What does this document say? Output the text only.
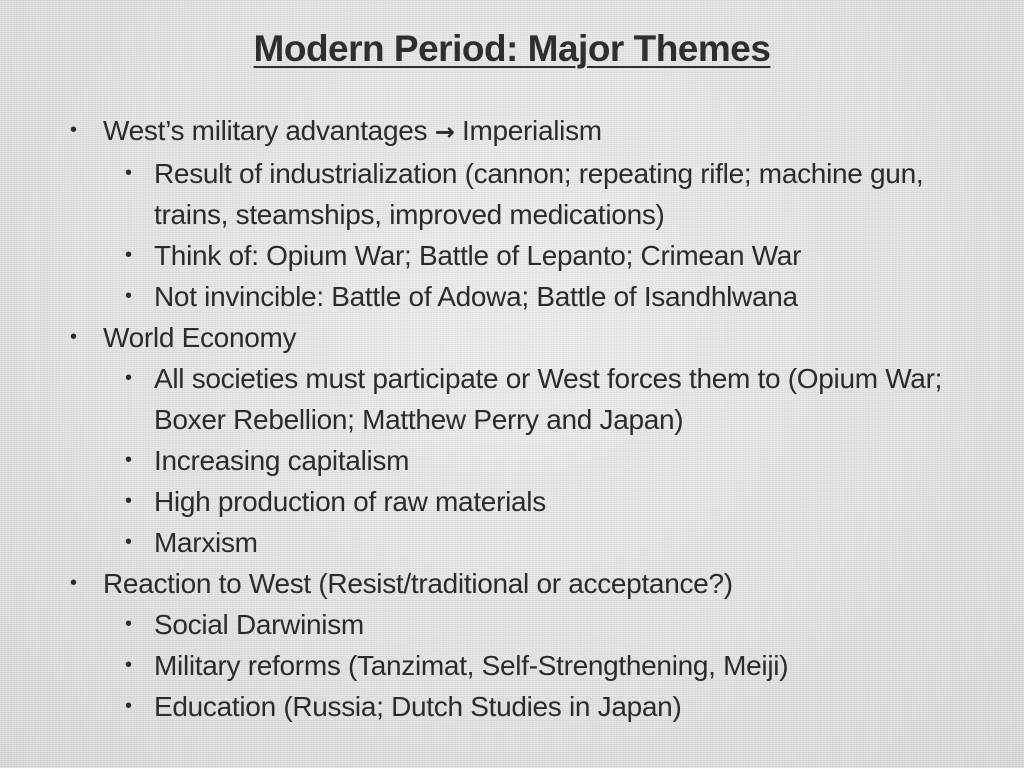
Modern Period: Major Themes
• West’s military advantages → Imperialism
• Result of industrialization (cannon; repeating rifle; machine gun, trains, steamships, improved medications)
• Think of: Opium War; Battle of Lepanto; Crimean War
• Not invincible: Battle of Adowa; Battle of Isandhlwana
• World Economy
• All societies must participate or West forces them to (Opium War; Boxer Rebellion; Matthew Perry and Japan)
• Increasing capitalism
• High production of raw materials
• Marxism
• Reaction to West (Resist/traditional or acceptance?)
• Social Darwinism
• Military reforms (Tanzimat, Self-Strengthening, Meiji)
• Education (Russia; Dutch Studies in Japan)
